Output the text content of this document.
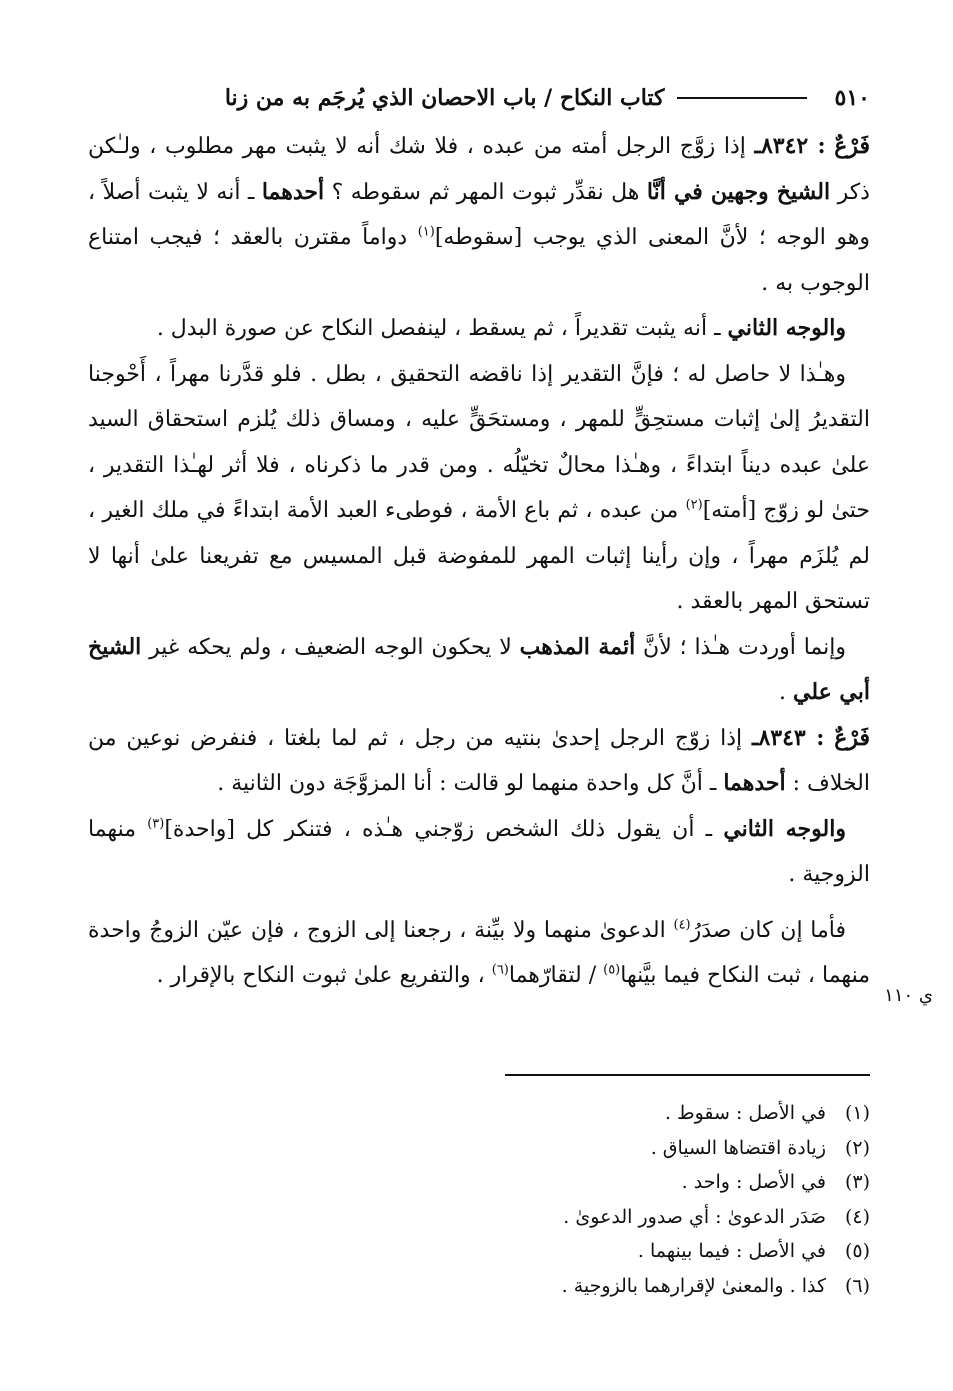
٥١٠
كتاب النكاح / باب الاحصان الذي يُرجَم به من زنا

فَرْعٌ : ٨٣٤٢ـ إذا زوَّج الرجل أمته من عبده ، فلا شك أنه لا يثبت مهر مطلوب ، ولـٰكن ذكر الشيخ وجهين في أنَّا هل نقدِّر ثبوت المهر ثم سقوطه ؟ أحدهما ـ أنه لا يثبت أصلاً ، وهو الوجه ؛ لأنَّ المعنى الذي يوجب [سقوطه]$^{(١)}$ دواماً مقترن بالعقد ؛ فيجب امتناع الوجوب به .

والوجه الثاني ـ أنه يثبت تقديراً ، ثم يسقط ، لينفصل النكاح عن صورة البدل .

وهـٰذا لا حاصل له ؛ فإنَّ التقدير إذا ناقضه التحقيق ، بطل . فلو قدَّرنا مهراً ، أَحْوجنا التقديرُ إلىٰ إثبات مستحِقٍّ للمهر ، ومستحَقٍّ عليه ، ومساق ذلك يُلزم استحقاق السيد علىٰ عبده ديناً ابتداءً ، وهـٰذا محالٌ تخيّلُه . ومن قدر ما ذكرناه ، فلا أثر لهـٰذا التقدير ، حتىٰ لو زوّج [أمته]$^{(٢)}$ من عبده ، ثم باع الأمة ، فوطىء العبد الأمة ابتداءً في ملك الغير ، لم يُلزَم مهراً ، وإن رأينا إثبات المهر للمفوضة قبل المسيس مع تفريعنا علىٰ أنها لا تستحق المهر بالعقد .

وإنما أوردت هـٰذا ؛ لأنَّ أئمة المذهب لا يحكون الوجه الضعيف ، ولم يحكه غير الشيخ أبي علي .

فَرْعٌ : ٨٣٤٣ـ إذا زوّج الرجل إحدىٰ بنتيه من رجل ، ثم لما بلغتا ، فنفرض نوعين من الخلاف : أحدهما ـ أنَّ كل واحدة منهما لو قالت : أنا المزوَّجَة دون الثانية .

والوجه الثاني ـ أن يقول ذلك الشخص زوّجني هـٰذه ، فتنكر كل [واحدة]$^{(٣)}$ منهما الزوجية .

فأما إن كان صدَرُ$^{(٤)}$ الدعوىٰ منهما ولا بيِّنة ، رجعنا إلى الزوج ، فإن عيّن الزوجُ واحدة منهما ، ثبت النكاح فيما بيَّنها$^{(٥)}$ / لتقارّهما$^{(٦)}$ ، والتفريع علىٰ ثبوت النكاح بالإقرار .

ي ١١٠
(١)
في الأصل : سقوط .
(٢)
زيادة اقتضاها السياق .
(٣)
في الأصل : واحد .
(٤)
صَدَر الدعوىٰ : أي صدور الدعوىٰ .
(٥)
في الأصل : فيما بينهما .
(٦)
كذا . والمعنىٰ لإقرارهما بالزوجية .
